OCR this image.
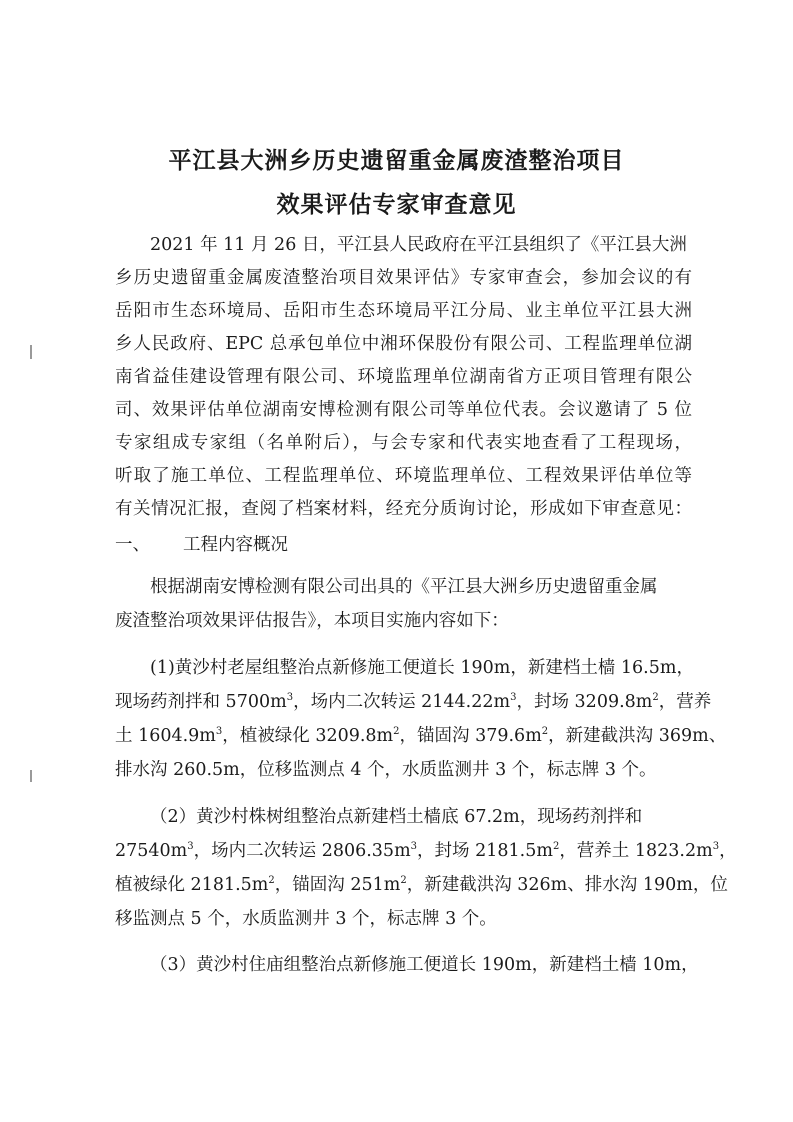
平江县大洲乡历史遗留重金属废渣整治项目
效果评估专家审查意见
2021 年 11 月 26 日，平江县人民政府在平江县组织了《平江县大洲
乡历史遗留重金属废渣整治项目效果评估》专家审查会，参加会议的有
岳阳市生态环境局、岳阳市生态环境局平江分局、业主单位平江县大洲
乡人民政府、EPC 总承包单位中湘环保股份有限公司、工程监理单位湖
南省益佳建设管理有限公司、环境监理单位湖南省方正项目管理有限公
司、效果评估单位湖南安博检测有限公司等单位代表。会议邀请了 5 位
专家组成专家组（名单附后），与会专家和代表实地查看了工程现场，
听取了施工单位、工程监理单位、环境监理单位、工程效果评估单位等
有关情况汇报，查阅了档案材料，经充分质询讨论，形成如下审查意见：
一、 工程内容概况
根据湖南安博检测有限公司出具的《平江县大洲乡历史遗留重金属
废渣整治项效果评估报告》，本项目实施内容如下：
(1)黄沙村老屋组整治点新修施工便道长 190m，新建档土樯 16.5m，
现场药剂拌和 $5700m^3$，场内二次转运 $2144.22m^3$，封场 $3209.8m^2$，营养
土 $1604.9m^3$，植被绿化 $3209.8m^2$，锚固沟 $379.6m^2$，新建截洪沟 369m、
排水沟 260.5m，位移监测点 4 个，水质监测井 3 个，标志牌 3 个。
（2）黄沙村株树组整治点新建档土樯底 67.2m，现场药剂拌和
$27540m^3$，场内二次转运 $2806.35m^3$，封场 $2181.5m^2$，营养土 $1823.2m^3$，
植被绿化 $2181.5m^2$，锚固沟 $251m^2$，新建截洪沟 326m、排水沟 190m，位
移监测点 5 个，水质监测井 3 个，标志牌 3 个。
（3）黄沙村住庙组整治点新修施工便道长 190m，新建档土樯 10m，
